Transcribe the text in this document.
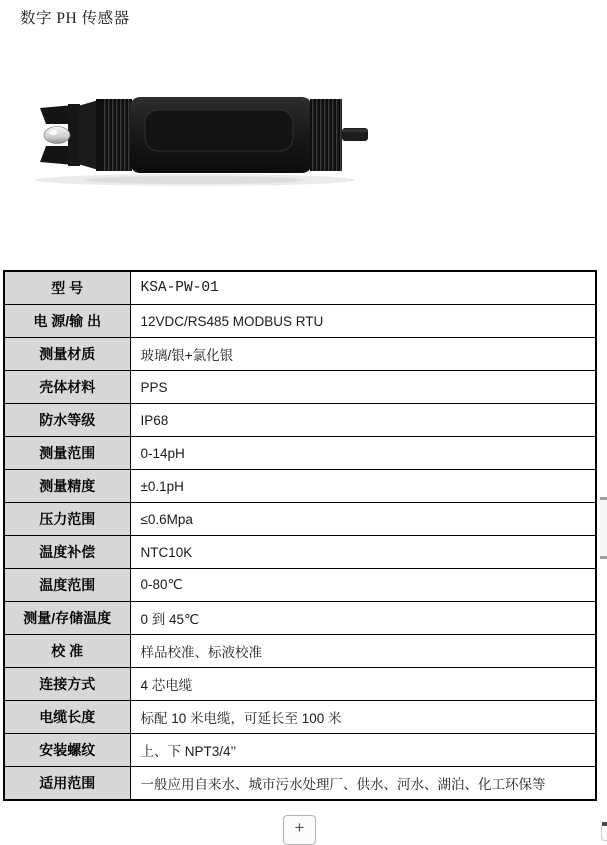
数字 PH 传感器
型 号	KSA-PW-01
电 源/输 出	12VDC/RS485 MODBUS RTU
测量材质	玻璃/银+氯化银
壳体材料	PPS
防水等级	IP68
测量范围	0-14pH
测量精度	±0.1pH
压力范围	≤0.6Mpa
温度补偿	NTC10K
温度范围	0-80℃
测量/存储温度	0 到 45℃
校 准	样品校准、标液校准
连接方式	4 芯电缆
电缆长度	标配 10 米电缆，可延长至 100 米
安装螺纹	上、下 NPT3/4’’
适用范围	一般应用自来水、城市污水处理厂、供水、河水、湖泊、化工环保等
+
